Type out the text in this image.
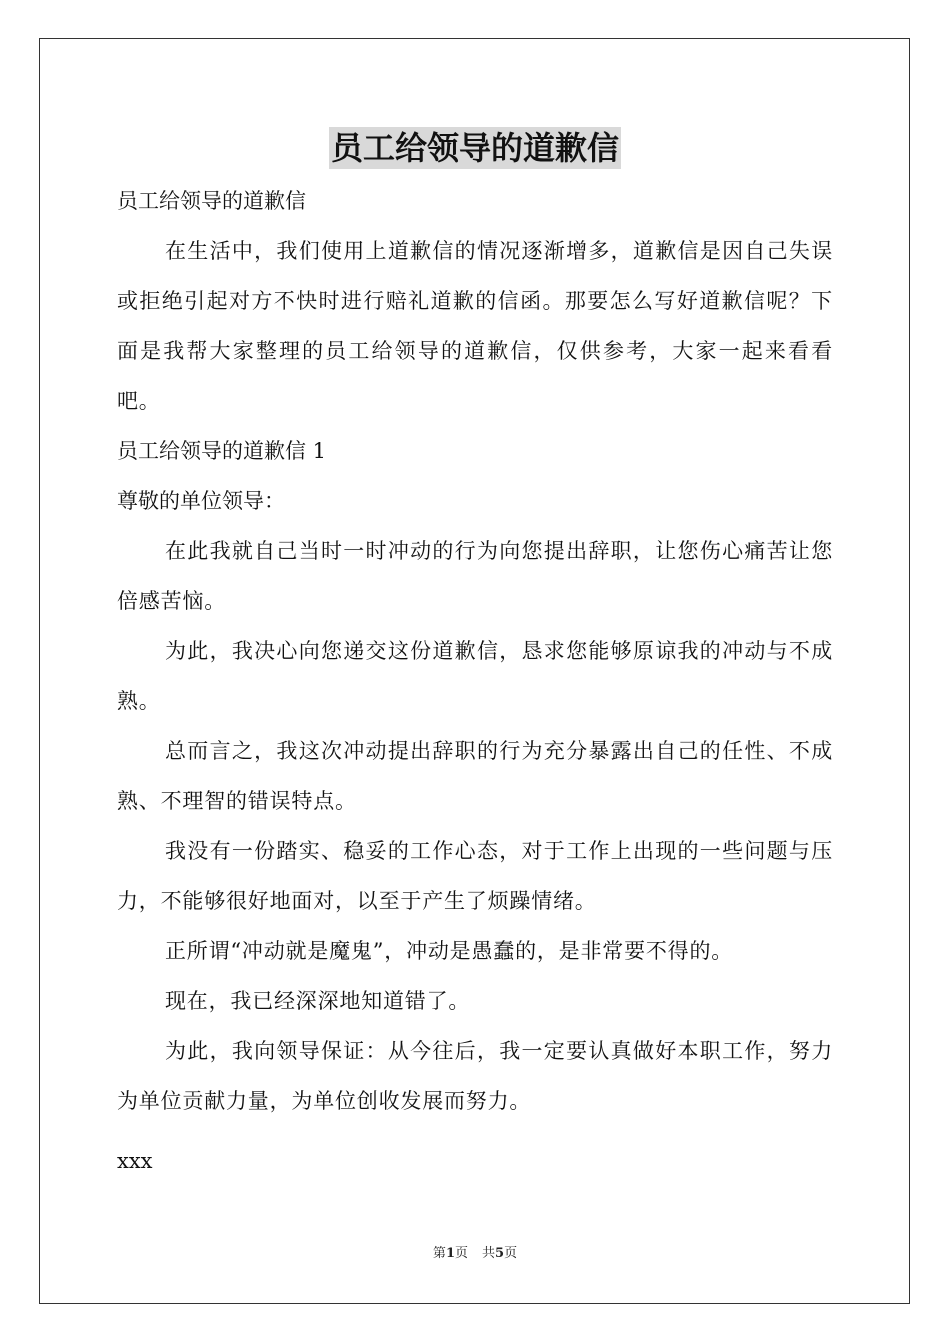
员工给领导的道歉信

员工给领导的道歉信

在生活中，我们使用上道歉信的情况逐渐增多，道歉信是因自己失误或拒绝引起对方不快时进行赔礼道歉的信函。那要怎么写好道歉信呢？下面是我帮大家整理的员工给领导的道歉信，仅供参考，大家一起来看看吧。

员工给领导的道歉信 1

尊敬的单位领导：

在此我就自己当时一时冲动的行为向您提出辞职，让您伤心痛苦让您倍感苦恼。

为此，我决心向您递交这份道歉信，恳求您能够原谅我的冲动与不成熟。

总而言之，我这次冲动提出辞职的行为充分暴露出自己的任性、不成熟、不理智的错误特点。

我没有一份踏实、稳妥的工作心态，对于工作上出现的一些问题与压力，不能够很好地面对，以至于产生了烦躁情绪。

正所谓“冲动就是魔鬼”，冲动是愚蠢的，是非常要不得的。

现在，我已经深深地知道错了。

为此，我向领导保证：从今往后，我一定要认真做好本职工作，努力为单位贡献力量，为单位创收发展而努力。

xxx

第1页 共5页
